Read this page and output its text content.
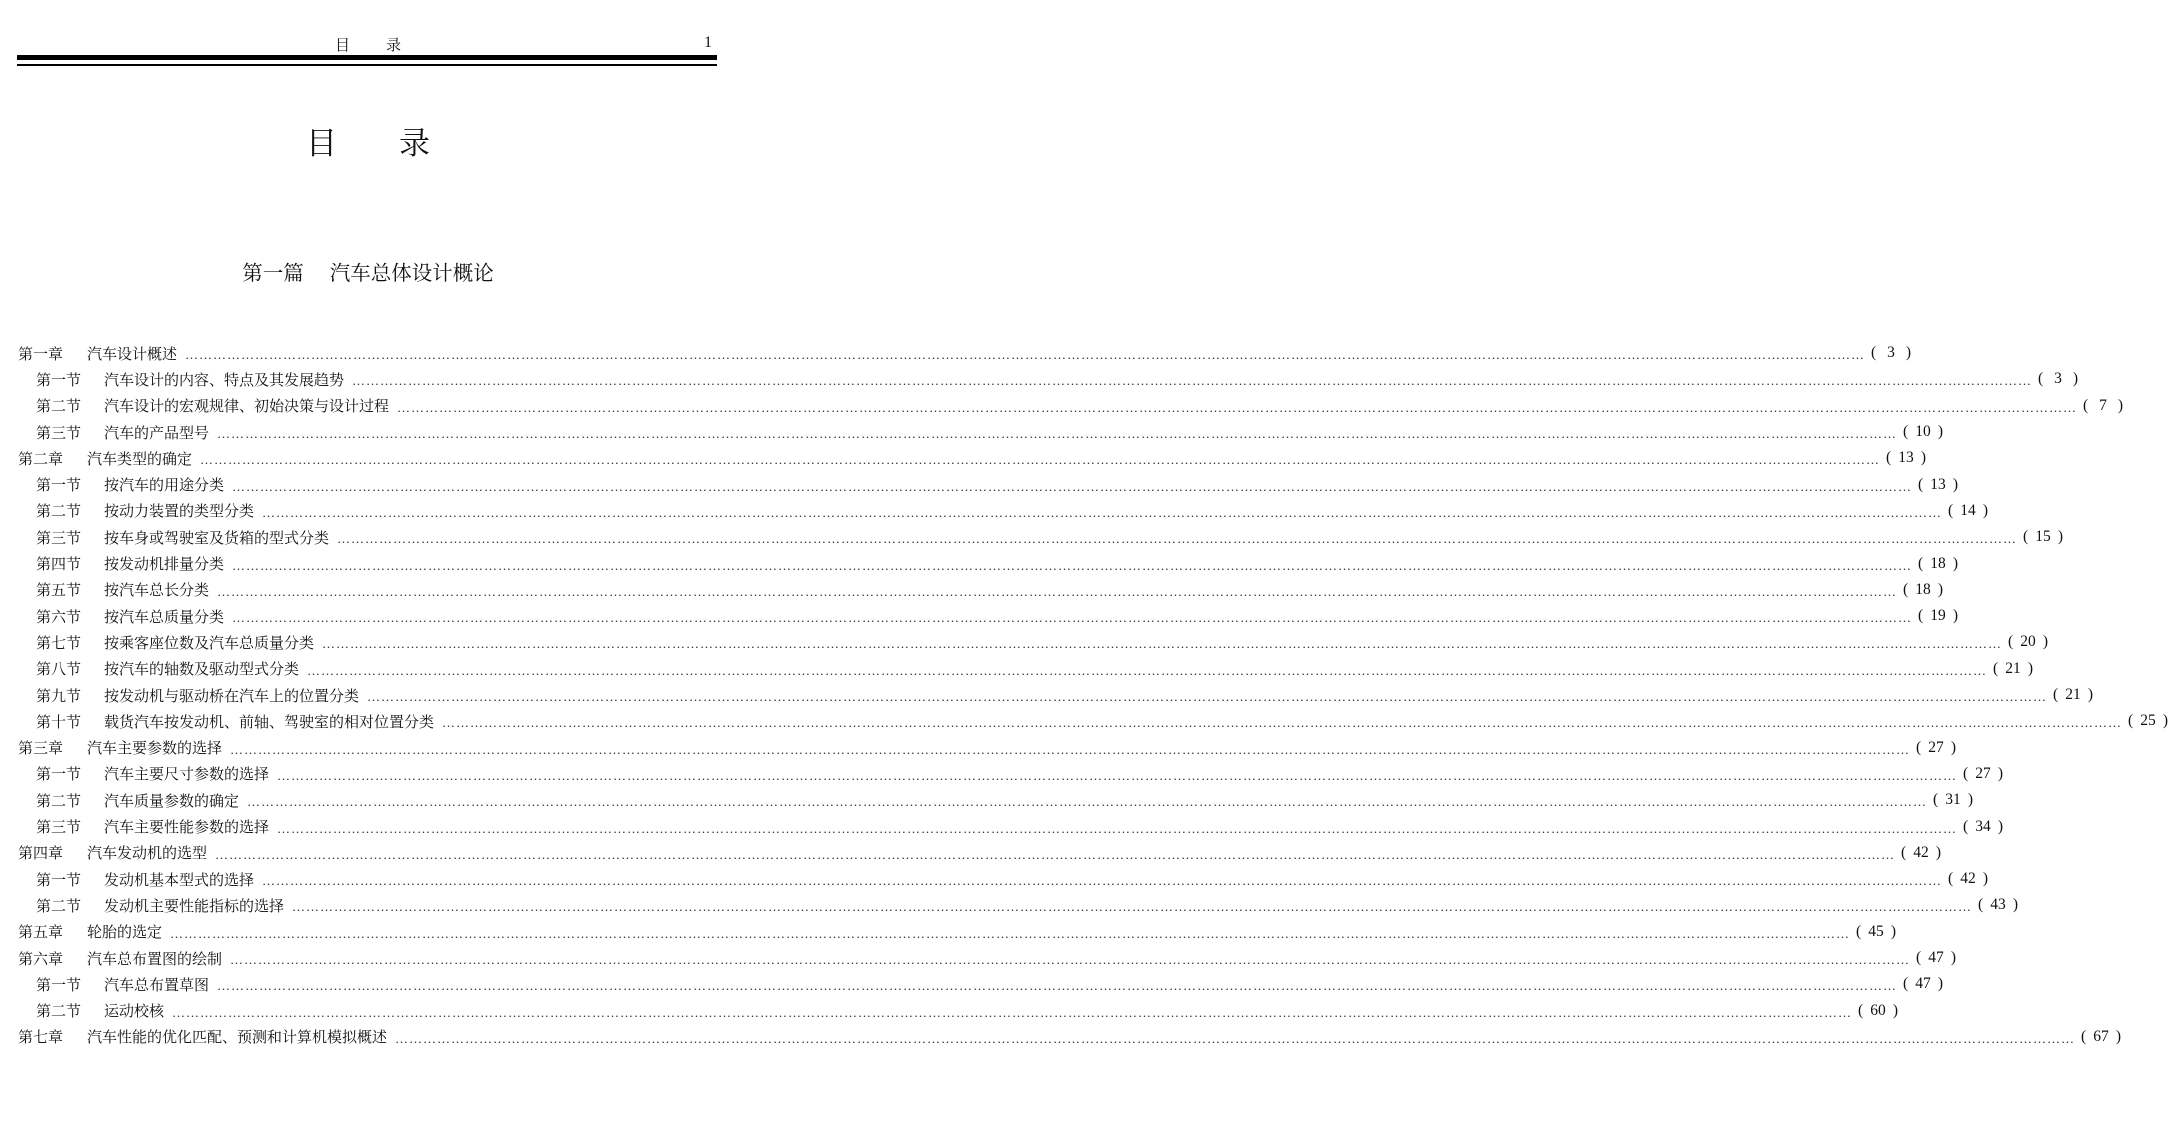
目 录	1
目 录
第一篇 汽车总体设计概论
第一章	汽车设计概述 ……………………………………………………………………………………………………………………………………………………………………………………………………………………………………………………………………………………………………………………………… ( 3 )
第一节	汽车设计的内容、特点及其发展趋势 ……………………………………………………………………………………………………………………………………………………………………………………………………………………………………………………………………………………………………………………………… ( 3 )
第二节	汽车设计的宏观规律、初始决策与设计过程 ……………………………………………………………………………………………………………………………………………………………………………………………………………………………………………………………………………………………………………………………… ( 7 )
第三节	汽车的产品型号 ……………………………………………………………………………………………………………………………………………………………………………………………………………………………………………………………………………………………………………………………… ( 10 )
第二章	汽车类型的确定 ……………………………………………………………………………………………………………………………………………………………………………………………………………………………………………………………………………………………………………………………… ( 13 )
第一节	按汽车的用途分类 ……………………………………………………………………………………………………………………………………………………………………………………………………………………………………………………………………………………………………………………………… ( 13 )
第二节	按动力装置的类型分类 ……………………………………………………………………………………………………………………………………………………………………………………………………………………………………………………………………………………………………………………………… ( 14 )
第三节	按车身或驾驶室及货箱的型式分类 ……………………………………………………………………………………………………………………………………………………………………………………………………………………………………………………………………………………………………………………………… ( 15 )
第四节	按发动机排量分类 ……………………………………………………………………………………………………………………………………………………………………………………………………………………………………………………………………………………………………………………………… ( 18 )
第五节	按汽车总长分类 ……………………………………………………………………………………………………………………………………………………………………………………………………………………………………………………………………………………………………………………………… ( 18 )
第六节	按汽车总质量分类 ……………………………………………………………………………………………………………………………………………………………………………………………………………………………………………………………………………………………………………………………… ( 19 )
第七节	按乘客座位数及汽车总质量分类 ……………………………………………………………………………………………………………………………………………………………………………………………………………………………………………………………………………………………………………………………… ( 20 )
第八节	按汽车的轴数及驱动型式分类 ……………………………………………………………………………………………………………………………………………………………………………………………………………………………………………………………………………………………………………………………… ( 21 )
第九节	按发动机与驱动桥在汽车上的位置分类 ……………………………………………………………………………………………………………………………………………………………………………………………………………………………………………………………………………………………………………………………… ( 21 )
第十节	载货汽车按发动机、前轴、驾驶室的相对位置分类 ……………………………………………………………………………………………………………………………………………………………………………………………………………………………………………………………………………………………………………………………… ( 25 )
第三章	汽车主要参数的选择 ……………………………………………………………………………………………………………………………………………………………………………………………………………………………………………………………………………………………………………………………… ( 27 )
第一节	汽车主要尺寸参数的选择 ……………………………………………………………………………………………………………………………………………………………………………………………………………………………………………………………………………………………………………………………… ( 27 )
第二节	汽车质量参数的确定 ……………………………………………………………………………………………………………………………………………………………………………………………………………………………………………………………………………………………………………………………… ( 31 )
第三节	汽车主要性能参数的选择 ……………………………………………………………………………………………………………………………………………………………………………………………………………………………………………………………………………………………………………………………… ( 34 )
第四章	汽车发动机的选型 ……………………………………………………………………………………………………………………………………………………………………………………………………………………………………………………………………………………………………………………………… ( 42 )
第一节	发动机基本型式的选择 ……………………………………………………………………………………………………………………………………………………………………………………………………………………………………………………………………………………………………………………………… ( 42 )
第二节	发动机主要性能指标的选择 ……………………………………………………………………………………………………………………………………………………………………………………………………………………………………………………………………………………………………………………………… ( 43 )
第五章	轮胎的选定 ……………………………………………………………………………………………………………………………………………………………………………………………………………………………………………………………………………………………………………………………… ( 45 )
第六章	汽车总布置图的绘制 ……………………………………………………………………………………………………………………………………………………………………………………………………………………………………………………………………………………………………………………………… ( 47 )
第一节	汽车总布置草图 ……………………………………………………………………………………………………………………………………………………………………………………………………………………………………………………………………………………………………………………………… ( 47 )
第二节	运动校核 ……………………………………………………………………………………………………………………………………………………………………………………………………………………………………………………………………………………………………………………………… ( 60 )
第七章	汽车性能的优化匹配、预测和计算机模拟概述 ……………………………………………………………………………………………………………………………………………………………………………………………………………………………………………………………………………………………………………………………… ( 67 )
